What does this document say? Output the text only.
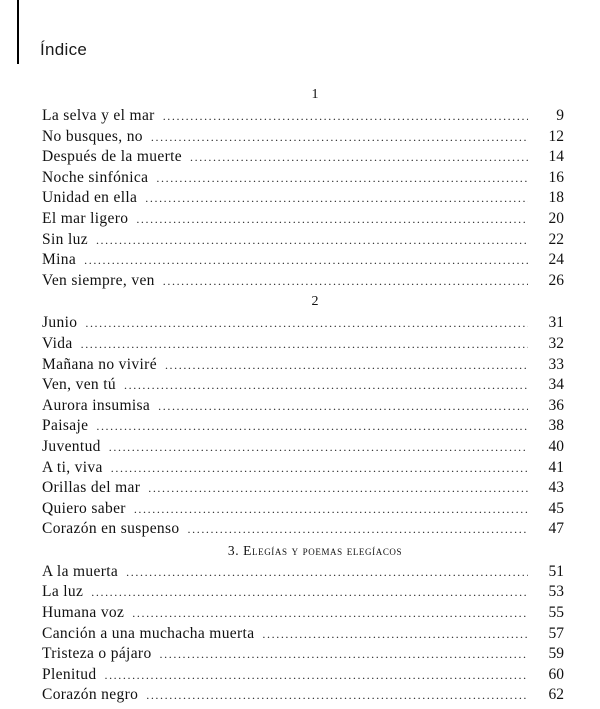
Índice
1
La selva y el mar .....	9
No busques, no .....	12
Después de la muerte .....	14
Noche sinfónica .....	16
Unidad en ella .....	18
El mar ligero .....	20
Sin luz .....	22
Mina .....	24
Ven siempre, ven .....	26
2
Junio .....	31
Vida .....	32
Mañana no viviré .....	33
Ven, ven tú .....	34
Aurora insumisa .....	36
Paisaje .....	38
Juventud .....	40
A ti, viva .....	41
Orillas del mar .....	43
Quiero saber .....	45
Corazón en suspenso .....	47
3. Elegías y poemas elegíacos
A la muerta .....	51
La luz .....	53
Humana voz .....	55
Canción a una muchacha muerta .....	57
Tristeza o pájaro .....	59
Plenitud .....	60
Corazón negro .....	62
